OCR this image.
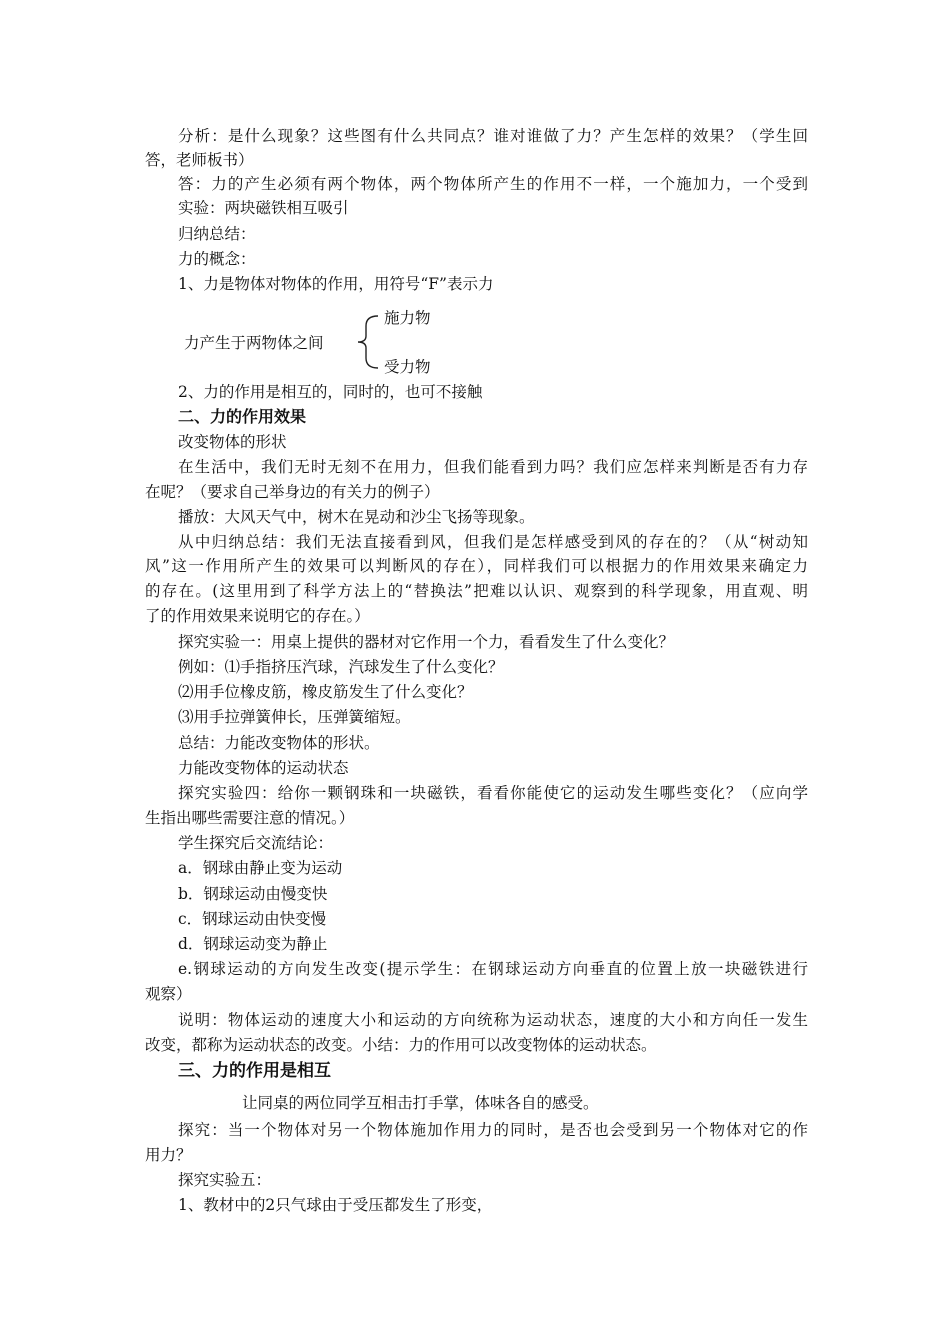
分析：是什么现象？这些图有什么共同点？谁对谁做了力？产生怎样的效果？（学生回
答，老师板书）
答：力的产生必须有两个物体，两个物体所产生的作用不一样，一个施加力，一个受到
实验：两块磁铁相互吸引
归纳总结：
力的概念：
1、力是物体对物体的作用，用符号“F”表示力
力产生于两物体之间
施力物
受力物
2、力的作用是相互的，同时的，也可不接触
二、力的作用效果
改变物体的形状
在生活中，我们无时无刻不在用力，但我们能看到力吗？我们应怎样来判断是否有力存
在呢？（要求自己举身边的有关力的例子）
播放：大风天气中，树木在晃动和沙尘飞扬等现象。
从中归纳总结：我们无法直接看到风，但我们是怎样感受到风的存在的？（从“树动知
风”这一作用所产生的效果可以判断风的存在），同样我们可以根据力的作用效果来确定力
的存在。(这里用到了科学方法上的“替换法”把难以认识、观察到的科学现象，用直观、明
了的作用效果来说明它的存在。）
探究实验一：用桌上提供的器材对它作用一个力，看看发生了什么变化？
例如：⑴手指挤压汽球，汽球发生了什么变化？
⑵用手位橡皮筋，橡皮筋发生了什么变化？
⑶用手拉弹簧伸长，压弹簧缩短。
总结：力能改变物体的形状。
力能改变物体的运动状态
探究实验四：给你一颗钢珠和一块磁铁，看看你能使它的运动发生哪些变化？（应向学
生指出哪些需要注意的情况。）
学生探究后交流结论：
a．钢球由静止变为运动
b．钢球运动由慢变快
c．钢球运动由快变慢
d．钢球运动变为静止
e.钢球运动的方向发生改变(提示学生：在钢球运动方向垂直的位置上放一块磁铁进行
观察）
说明：物体运动的速度大小和运动的方向统称为运动状态，速度的大小和方向任一发生
改变，都称为运动状态的改变。小结：力的作用可以改变物体的运动状态。
三、力的作用是相互
让同桌的两位同学互相击打手掌，体味各自的感受。
探究：当一个物体对另一个物体施加作用力的同时，是否也会受到另一个物体对它的作
用力？
探究实验五：
1、教材中的2只气球由于受压都发生了形变，
